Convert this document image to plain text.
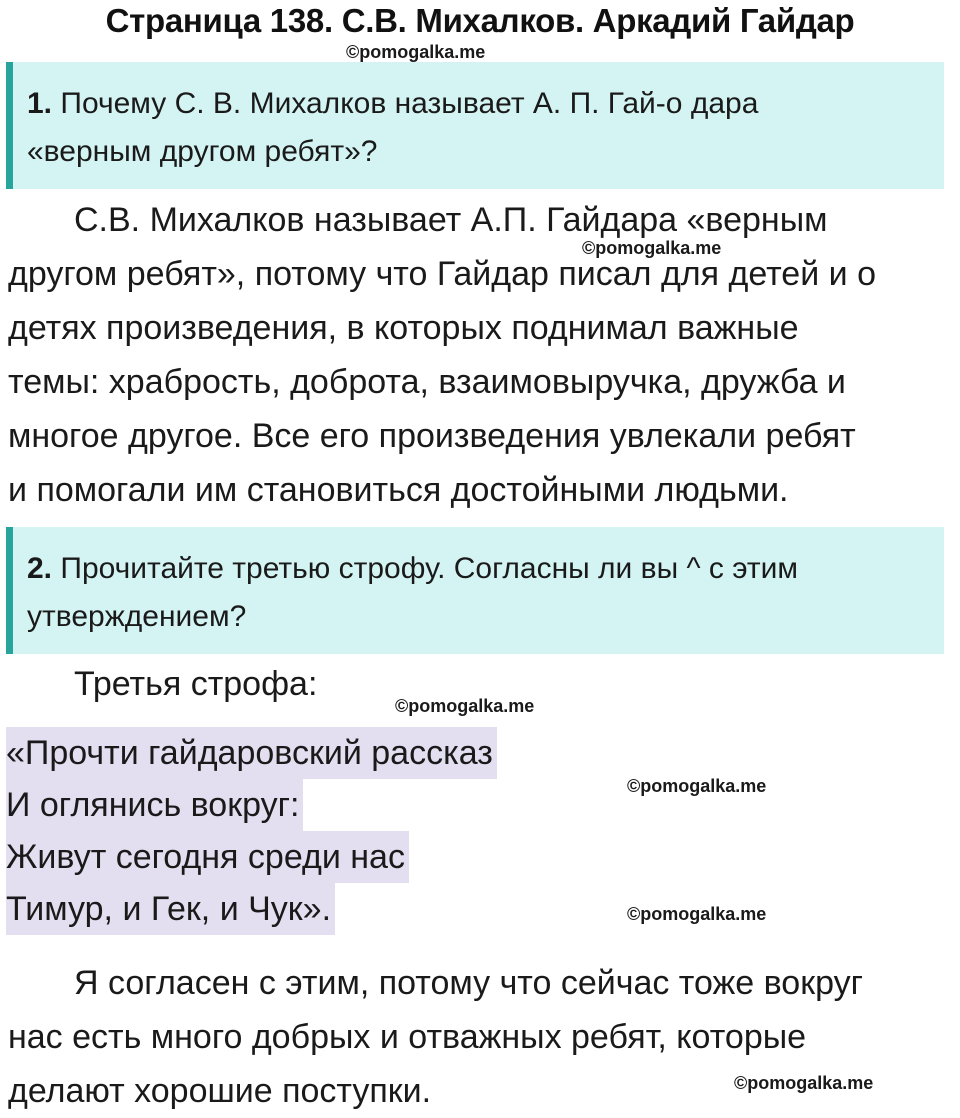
Страница 138. С.В. Михалков. Аркадий Гайдар
©pomogalka.me
1. Почему С. В. Михалков называет А. П. Гай-о дара
«верным другом ребят»?
С.В. Михалков называет А.П. Гайдара «верным
другом ребят», потому что Гайдар писал для детей и о
детях произведения, в которых поднимал важные
темы: храбрость, доброта, взаимовыручка, дружба и
многое другое. Все его произведения увлекали ребят
и помогали им становиться достойными людьми.
©pomogalka.me
2. Прочитайте третью строфу. Согласны ли вы ^ с этим
утверждением?
Третья строфа:
©pomogalka.me
«Прочти гайдаровский рассказ
И оглянись вокруг:
Живут сегодня среди нас
Тимур, и Гек, и Чук».
©pomogalka.me
©pomogalka.me
Я согласен с этим, потому что сейчас тоже вокруг
нас есть много добрых и отважных ребят, которые
делают хорошие поступки.	©pomogalka.me
